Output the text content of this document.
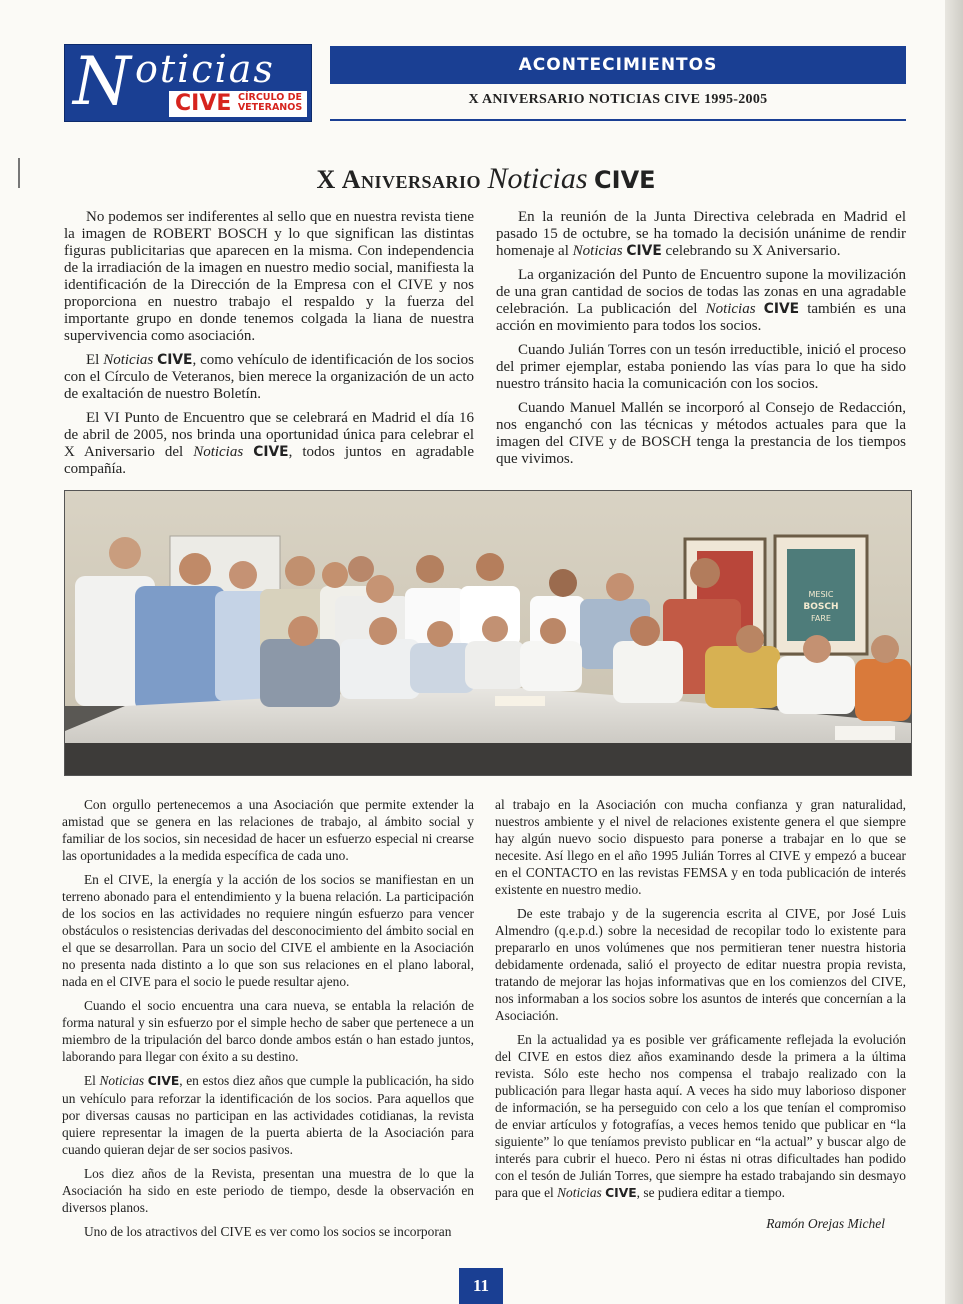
N oticias
CIVE CÍRCULO DE
VETERANOS
ACONTECIMIENTOS
X ANIVERSARIO NOTICIAS CIVE 1995-2005
X Aniversario Noticias CIVE

No podemos ser indiferentes al sello que en nuestra revista tiene la imagen de ROBERT BOSCH y lo que significan las distintas figuras publicitarias que aparecen en la misma. Con independencia de la irradiación de la imagen en nuestro medio social, manifiesta la identificación de la Dirección de la Empresa con el CIVE y nos proporciona en nuestro trabajo el respaldo y la fuerza del importante grupo en donde tenemos colgada la liana de nuestra supervivencia como asociación.

El Noticias CIVE, como vehículo de identificación de los socios con el Círculo de Veteranos, bien merece la organización de un acto de exaltación de nuestro Boletín.

El VI Punto de Encuentro que se celebrará en Madrid el día 16 de abril de 2005, nos brinda una oportunidad única para celebrar el X Aniversario del Noticias CIVE, todos juntos en agradable compañía.

En la reunión de la Junta Directiva celebrada en Madrid el pasado 15 de octubre, se ha tomado la decisión unánime de rendir homenaje al Noticias CIVE celebrando su X Aniversario.

La organización del Punto de Encuentro supone la movilización de una gran cantidad de socios de todas las zonas en una agradable celebración. La publicación del Noticias CIVE también es una acción en movimiento para todos los socios.

Cuando Julián Torres con un tesón irreductible, inició el proceso del primer ejemplar, estaba poniendo las vías para lo que ha sido nuestro tránsito hacia la comunicación con los socios.

Cuando Manuel Mallén se incorporó al Consejo de Redacción, nos enganchó con las técnicas y métodos actuales para que la imagen del CIVE y de BOSCH tenga la prestancia de los tiempos que vivimos.

MESIC
BOSCH
FARE

Con orgullo pertenecemos a una Asociación que permite extender la amistad que se genera en las relaciones de trabajo, al ámbito social y familiar de los socios, sin necesidad de hacer un esfuerzo especial ni crearse las oportunidades a la medida específica de cada uno.

En el CIVE, la energía y la acción de los socios se manifiestan en un terreno abonado para el entendimiento y la buena relación. La participación de los socios en las actividades no requiere ningún esfuerzo para vencer obstáculos o resistencias derivadas del desconocimiento del ámbito social en el que se desarrollan. Para un socio del CIVE el ambiente en la Asociación no presenta nada distinto a lo que son sus relaciones en el plano laboral, nada en el CIVE para el socio le puede resultar ajeno.

Cuando el socio encuentra una cara nueva, se entabla la relación de forma natural y sin esfuerzo por el simple hecho de saber que pertenece a un miembro de la tripulación del barco donde ambos están o han estado juntos, laborando para llegar con éxito a su destino.

El Noticias CIVE, en estos diez años que cumple la publicación, ha sido un vehículo para reforzar la identificación de los socios. Para aquellos que por diversas causas no participan en las actividades cotidianas, la revista quiere representar la imagen de la puerta abierta de la Asociación para cuando quieran dejar de ser socios pasivos.

Los diez años de la Revista, presentan una muestra de lo que la Asociación ha sido en este periodo de tiempo, desde la observación en diversos planos.

Uno de los atractivos del CIVE es ver como los socios se incorporan

al trabajo en la Asociación con mucha confianza y gran naturalidad, nuestros ambiente y el nivel de relaciones existente genera el que siempre hay algún nuevo socio dispuesto para ponerse a trabajar en lo que se necesite. Así llego en el año 1995 Julián Torres al CIVE y empezó a bucear en el CONTACTO en las revistas FEMSA y en toda publicación de interés existente en nuestro medio.

De este trabajo y de la sugerencia escrita al CIVE, por José Luis Almendro (q.e.p.d.) sobre la necesidad de recopilar todo lo existente para prepararlo en unos volúmenes que nos permitieran tener nuestra historia debidamente ordenada, salió el proyecto de editar nuestra propia revista, tratando de mejorar las hojas informativas que en los comienzos del CIVE, nos informaban a los socios sobre los asuntos de interés que concernían a la Asociación.

En la actualidad ya es posible ver gráficamente reflejada la evolución del CIVE en estos diez años examinando desde la primera a la última revista. Sólo este hecho nos compensa el trabajo realizado con la publicación para llegar hasta aquí. A veces ha sido muy laborioso disponer de información, se ha perseguido con celo a los que tenían el compromiso de enviar artículos y fotografías, a veces hemos tenido que publicar en “la siguiente” lo que teníamos previsto publicar en “la actual” y buscar algo de interés para cubrir el hueco. Pero ni éstas ni otras dificultades han podido con el tesón de Julián Torres, que siempre ha estado trabajando sin desmayo para que el Noticias CIVE, se pudiera editar a tiempo.

Ramón Orejas Michel
11
